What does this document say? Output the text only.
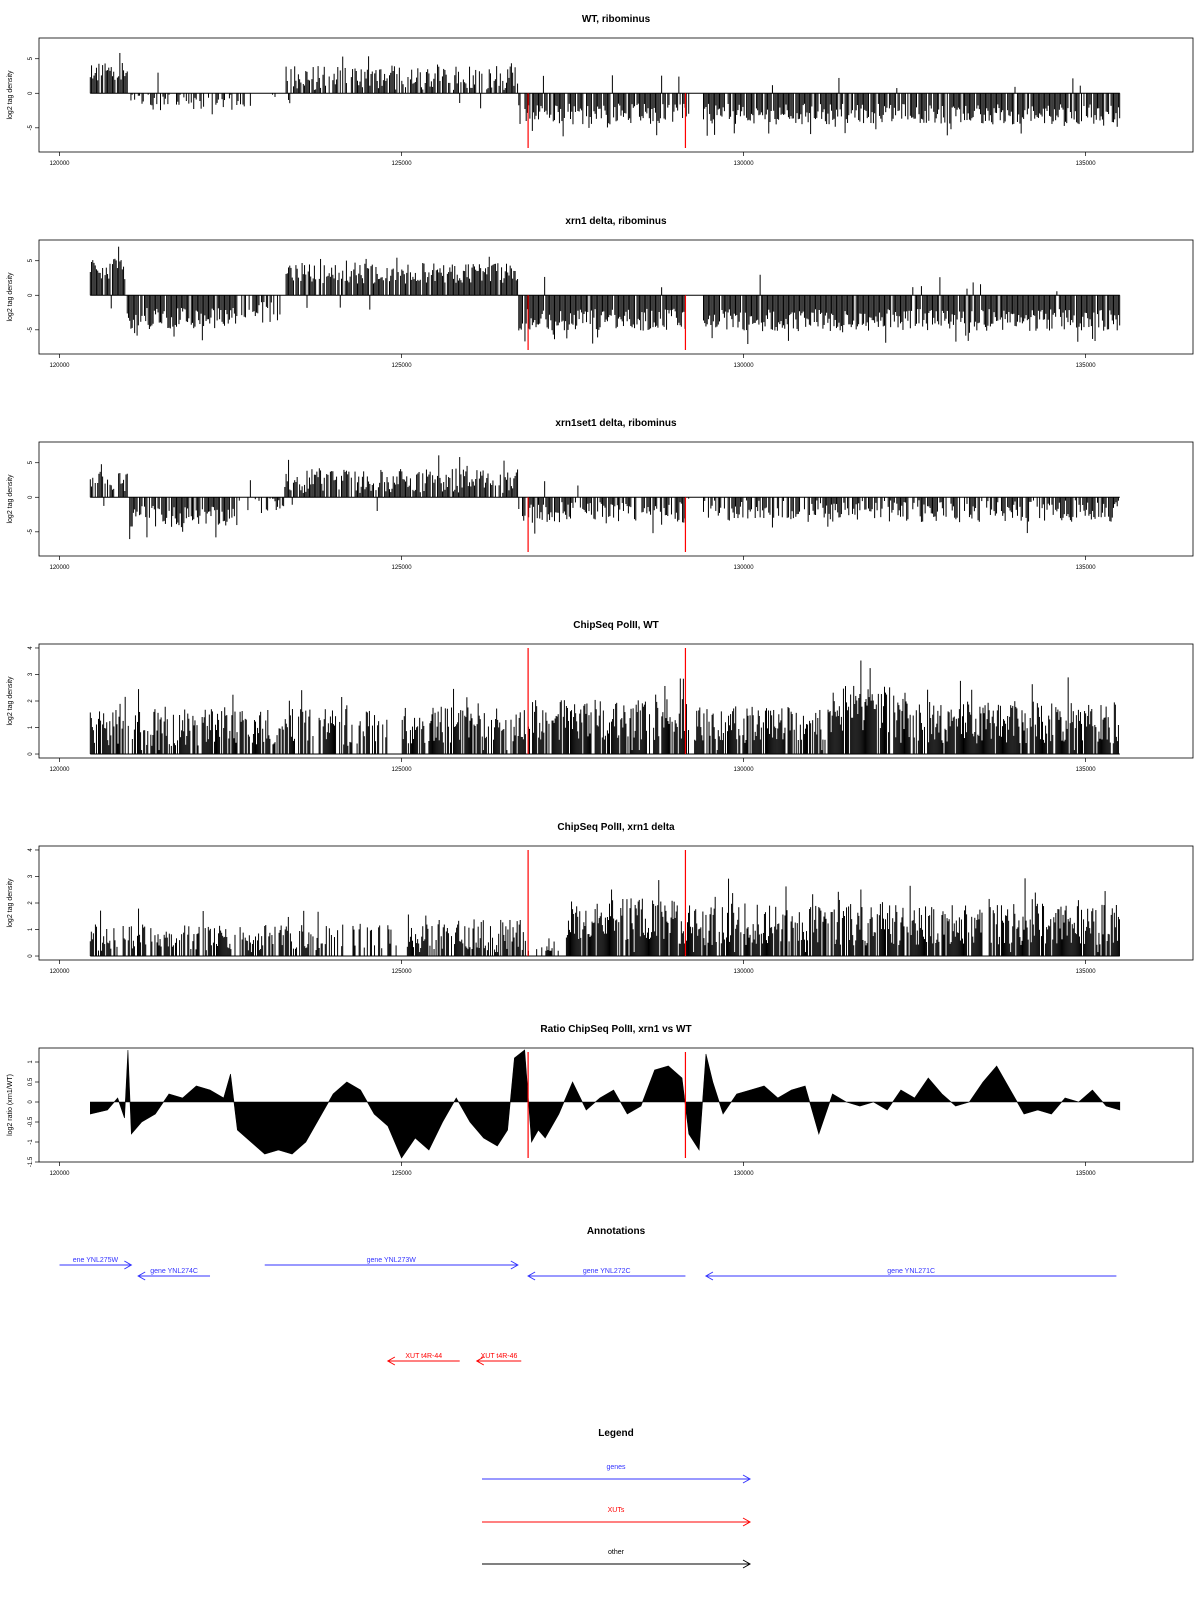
WT, ribominus
-5
0
5
log2 tag density
120000	125000	130000	135000
xrn1 delta, ribominus
-5
0
5
log2 tag density
120000	125000	130000	135000
xrn1set1 delta, ribominus
-5
0
5
log2 tag density
120000	125000	130000	135000
ChipSeq PolII, WT
0
1
2
3
4
log2 tag density
120000	125000	130000	135000
ChipSeq PolII, xrn1 delta
0
1
2
3
4
log2 tag density
120000	125000	130000	135000
Ratio ChipSeq PolII, xrn1 vs WT
-1.5
-1
-0.5
0
0.5
1
log2 ratio (xrn1/WT)
120000	125000	130000	135000
Annotations
ene YNL275W
gene YNL274C
gene YNL273W
gene YNL272C	gene YNL271C
XUT t4R-44	XUT t4R-46
Legend
genes
XUTs
other
